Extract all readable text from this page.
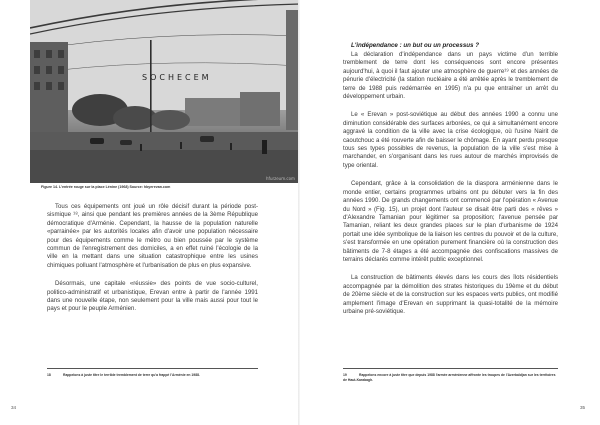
SOCHECEM
hfurzeum.com
Figure 14. L'entrée rouge sur la place Lénine (1968) Source: hbyerevan.com

Tous ces équipements ont joué un rôle décisif durant la période post-sismique ¹⁸, ainsi que pendant les premières années de la 3ème République démocratique d'Arménie. Cependant, la hausse de la population naturelle «parrainée» par les autorités locales afin d'avoir une population nécessaire pour des équipements comme le métro ou bien poussée par le système commun de l'enregistrement des domiciles, a en effet ruiné l'écologie de la ville en la mettant dans une situation catastrophique entre les usines chimiques polluant l'atmosphère et l'urbanisation de plus en plus expansive.

Désormais, une capitale «réussie» des points de vue socio-culturel, politico-administratif et urbanistique, Erevan entre à partir de l'année 1991 dans une nouvelle étape, non seulement pour la ville mais aussi pour tout le pays et pour le peuple Arménien.

18	Rappelons à juste titre le terrible tremblement de terre qu'a frappé l'Arménie en 1988.
34
L'indépendance : un but ou un processus ?

La déclaration d'indépendance dans un pays victime d'un terrible tremblement de terre dont les conséquences sont encore présentes aujourd'hui, à quoi il faut ajouter une atmosphère de guerre¹⁹ et des années de pénurie d'électricité (la station nucléaire a été arrêtée après le tremblement de terre de 1988 puis redémarrée en 1995) n'a pu que entraîner un arrêt du développement urbain.

Le « Erevan » post-soviétique au début des années 1990 a connu une diminution considérable des surfaces arborées, ce qui a simultanément encore aggravé la condition de la ville avec la crise écologique, où l'usine Nairit de caoutchouc a été rouverte afin de baisser le chômage. En ayant perdu presque tous ses types possibles de revenus, la population de la ville s'est mise à marchander, en s'organisant dans les rues autour de marchés improvisés de type oriental.

Cependant, grâce à la consolidation de la diaspora arménienne dans le monde entier, certains programmes urbains ont pu débuter vers la fin des années 1990. De grands changements ont commencé par l'opération « Avenue du Nord » (Fig. 15), un projet dont l'auteur se disait être parti des « rêves » d'Alexandre Tamanian pour légitimer sa proposition; l'avenue pensée par Tamanian, reliant les deux grandes places sur le plan d'urbanisme de 1924 portait une idée symbolique de la liaison les centres du pouvoir et de la culture, s'est transformée en une opération purement financière où la construction des bâtiments de 7-8 étages a été accompagnée des confiscations massives de terrains déclarés comme intérêt public exceptionnel.

La construction de bâtiments élevés dans les cours des îlots résidentiels accompagnée par la démolition des strates historiques du 19ème et du début de 20ème siècle et de la construction sur les espaces verts publics, ont modifié amplement l'image d'Erevan en supprimant la quasi-totalité de la mémoire urbaine pré-soviétique.

19	Rappelons encore à juste titre que depuis 1988 l'armée arménienne affronte les troupes de l'Azerbaïdjan sur les territoires de Haut-Karabagh.
35
